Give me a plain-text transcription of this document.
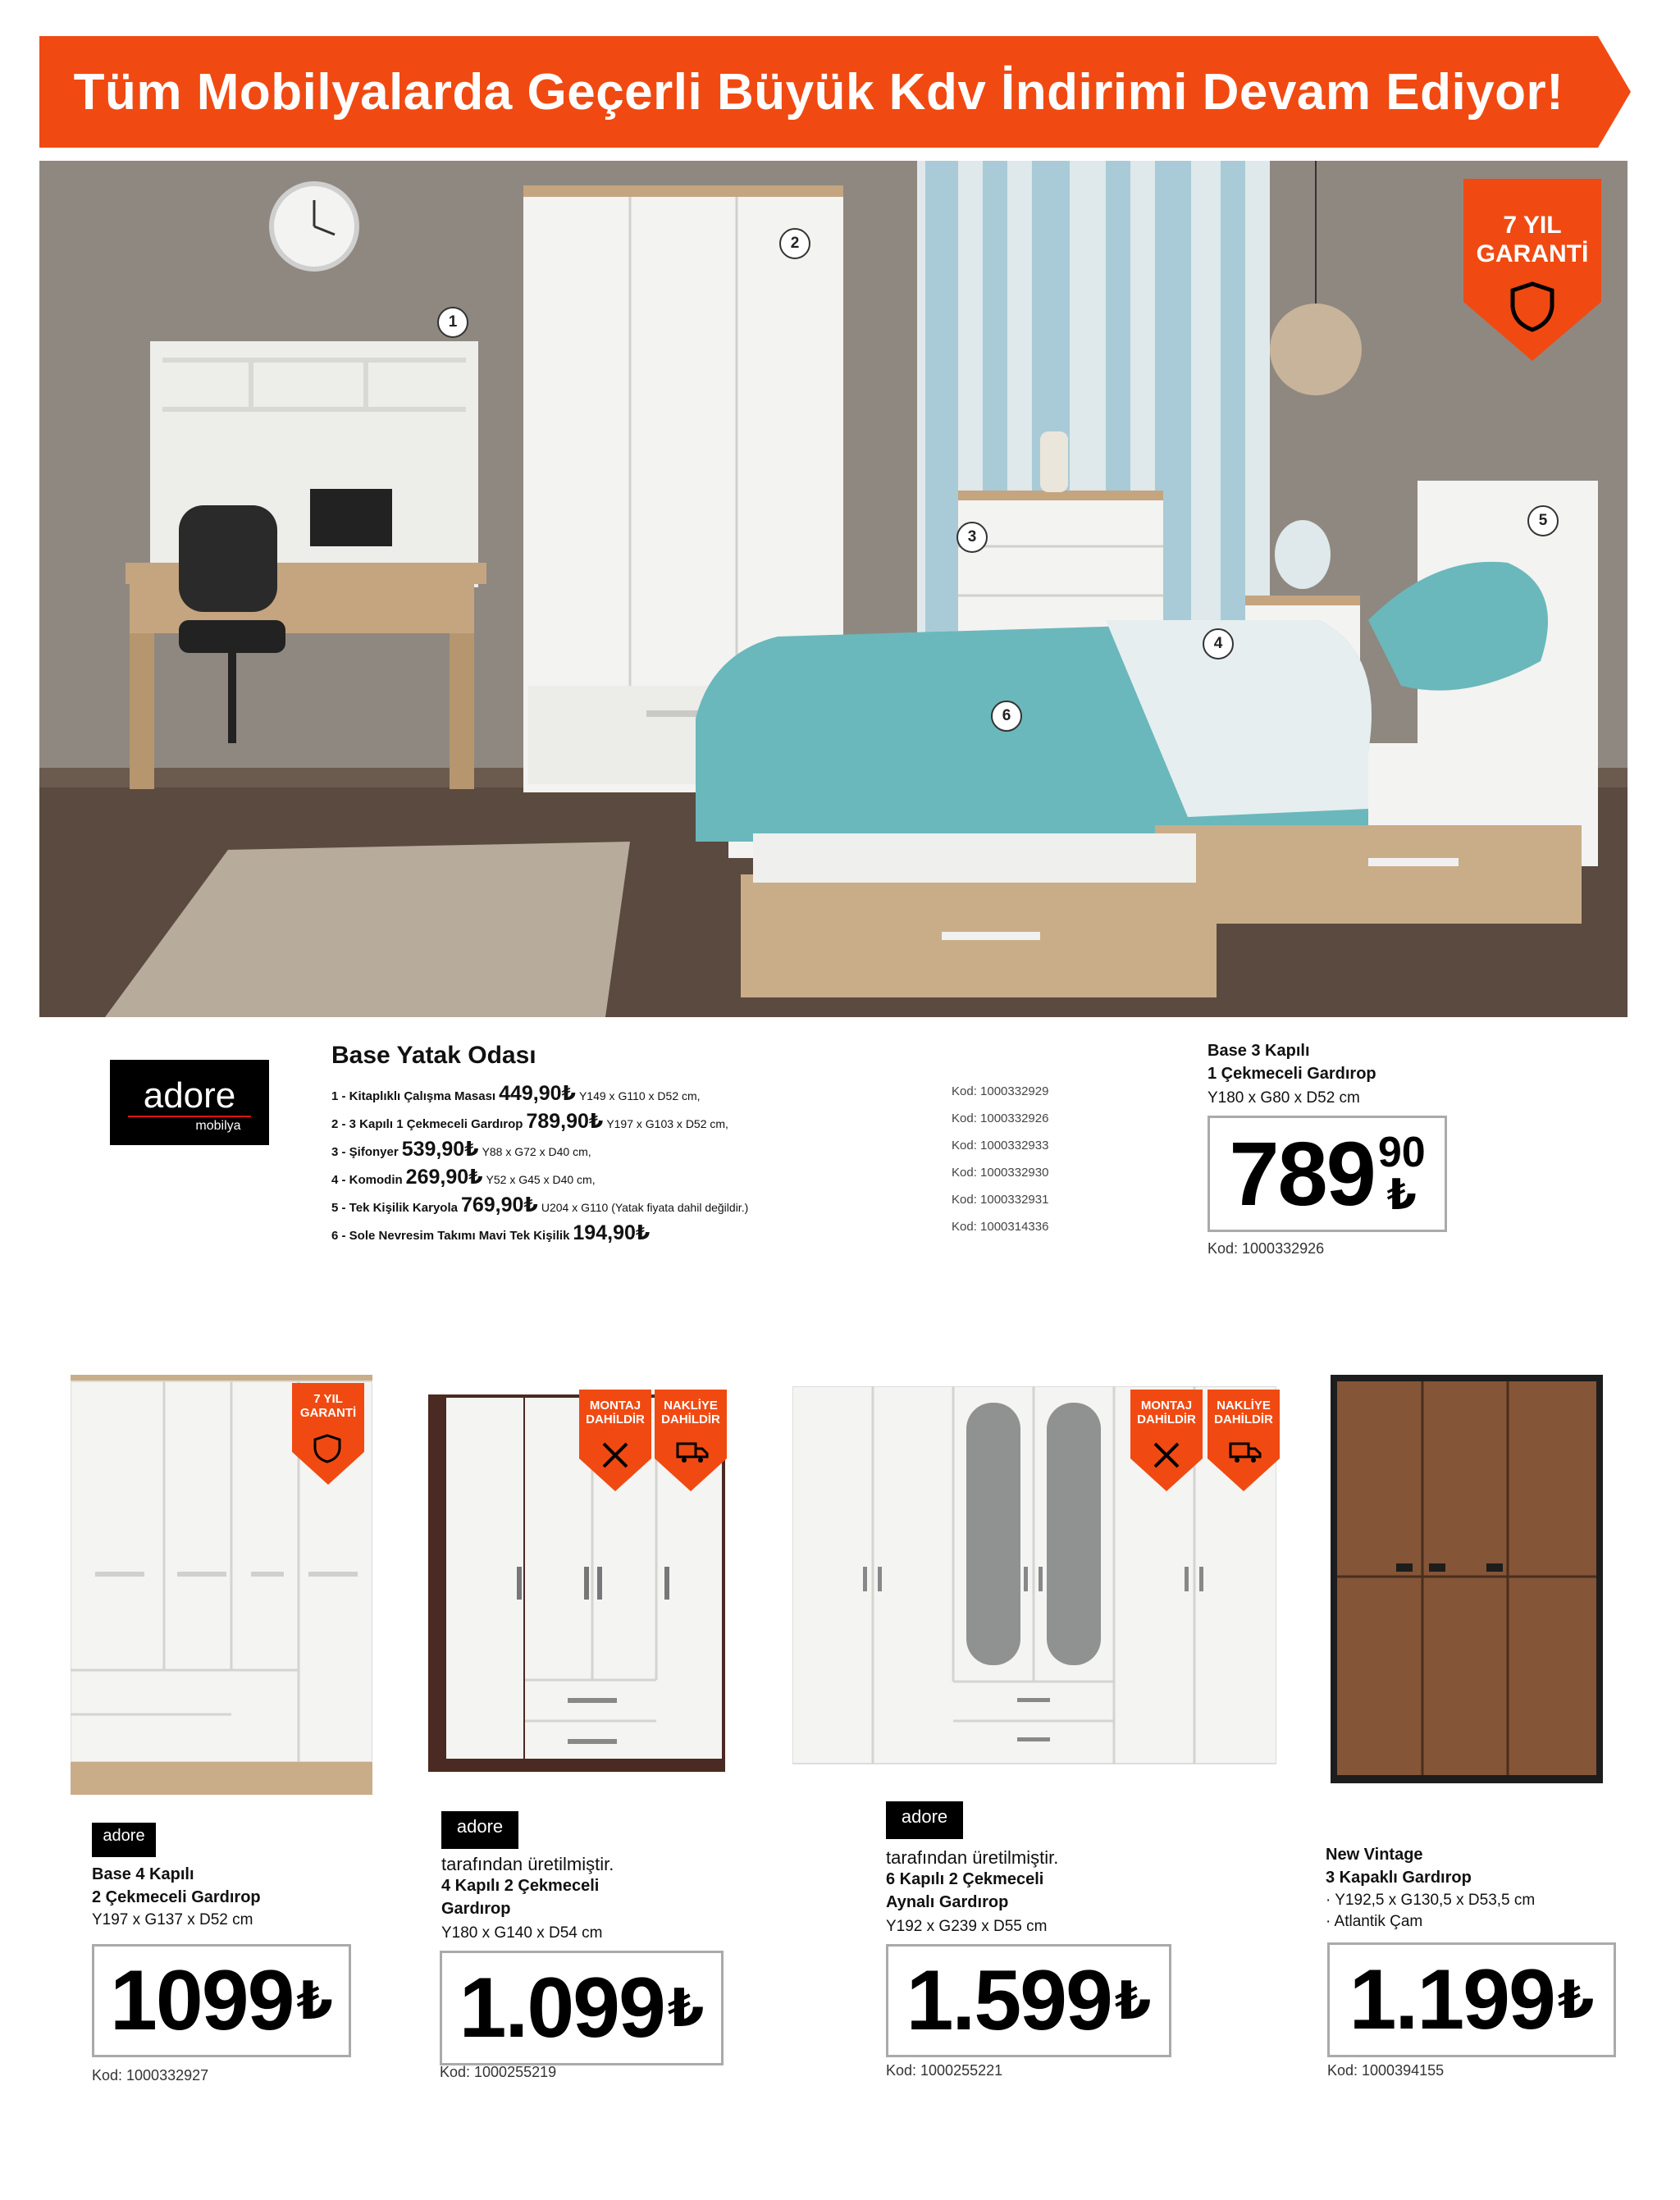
Tüm Mobilyalarda Geçerli Büyük Kdv İndirimi Devam Ediyor!
1
2
3
4
5
6
7 YIL
GARANTİ
adore
mobilya
Base Yatak Odası
1 - Kitaplıklı Çalışma Masası 449,90₺ Y149 x G110 x D52 cm,
2 - 3 Kapılı 1 Çekmeceli Gardırop 789,90₺ Y197 x G103 x D52 cm,
3 - Şifonyer 539,90₺ Y88 x G72 x D40 cm,
4 - Komodin 269,90₺ Y52 x G45 x D40 cm,
5 - Tek Kişilik Karyola 769,90₺ U204 x G110 (Yatak fiyata dahil değildir.)
6 - Sole Nevresim Takımı Mavi Tek Kişilik 194,90₺
Kod: 1000332929
Kod: 1000332926
Kod: 1000332933
Kod: 1000332930
Kod: 1000332931
Kod: 1000314336
Base 3 Kapılı
1 Çekmeceli Gardırop
Y180 x G80 x D52 cm
789 90
₺
Kod: 1000332926
7 YIL
GARANTİ
adore
Base 4 Kapılı
2 Çekmeceli Gardırop
Y197 x G137 x D52 cm
1099 ₺
Kod: 1000332927
MONTAJ
DAHİLDİR
NAKLİYE
DAHİLDİR
adore
tarafından üretilmiştir.
4 Kapılı 2 Çekmeceli
Gardırop
Y180 x G140 x D54 cm
1.099 ₺
Kod: 1000255219
MONTAJ
DAHİLDİR
NAKLİYE
DAHİLDİR
adore
tarafından üretilmiştir.
6 Kapılı 2 Çekmeceli
Aynalı Gardırop
Y192 x G239 x D55 cm
1.599 ₺
Kod: 1000255221
New Vintage
3 Kapaklı Gardırop
· Y192,5 x G130,5 x D53,5 cm
· Atlantik Çam
1.199 ₺
Kod: 1000394155
